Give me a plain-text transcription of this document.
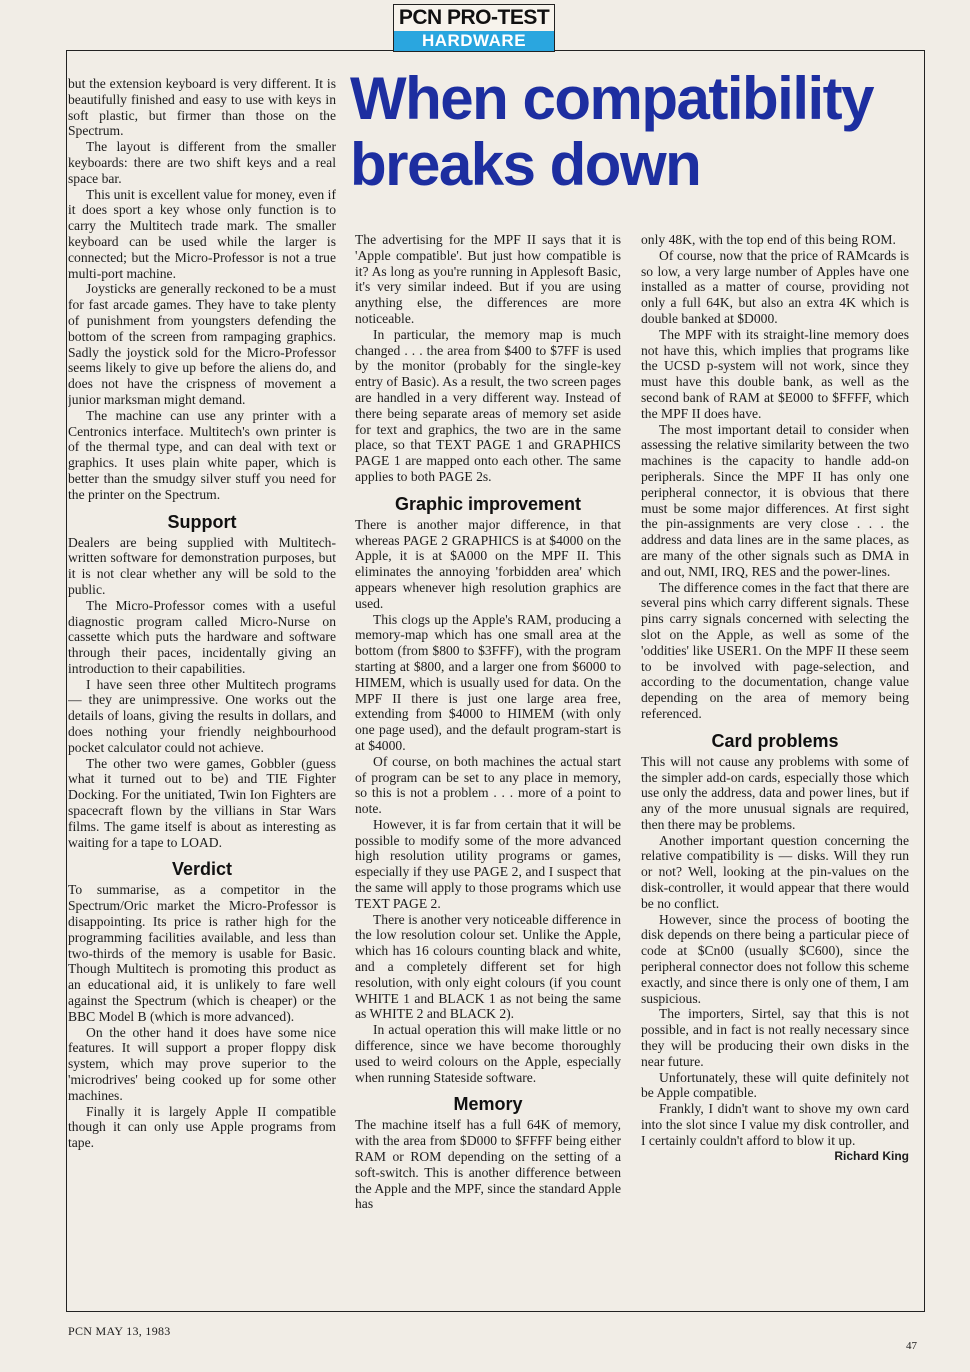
PCN PRO-TEST
HARDWARE
When compatibility breaks down

but the extension keyboard is very different. It is beautifully finished and easy to use with keys in soft plastic, but firmer than those on the Spectrum.

The layout is different from the smaller keyboards: there are two shift keys and a real space bar.

This unit is excellent value for money, even if it does sport a key whose only function is to carry the Multitech trade mark. The smaller keyboard can be used while the larger is connected; but the Micro-Professor is not a true multi-port machine.

Joysticks are generally reckoned to be a must for fast arcade games. They have to take plenty of punishment from youngsters defending the bottom of the screen from rampaging graphics. Sadly the joystick sold for the Micro-Professor seems likely to give up before the aliens do, and does not have the crispness of movement a junior marksman might demand.

The machine can use any printer with a Centronics interface. Multitech's own printer is of the thermal type, and can deal with text or graphics. It uses plain white paper, which is better than the smudgy silver stuff you need for the printer on the Spectrum.

Support

Dealers are being supplied with Multitech-written software for demonstration purposes, but it is not clear whether any will be sold to the public.

The Micro-Professor comes with a useful diagnostic program called Micro-Nurse on cassette which puts the hardware and software through their paces, incidentally giving an introduction to their capabilities.

I have seen three other Multitech programs — they are unimpressive. One works out the details of loans, giving the results in dollars, and does nothing your friendly neighbourhood pocket calculator could not achieve.

The other two were games, Gobbler (guess what it turned out to be) and TIE Fighter Docking. For the unitiated, Twin Ion Fighters are spacecraft flown by the villians in Star Wars films. The game itself is about as interesting as waiting for a tape to LOAD.

Verdict

To summarise, as a competitor in the Spectrum/Oric market the Micro-Professor is disappointing. Its price is rather high for the programming facilities available, and less than two-thirds of the memory is usable for Basic. Though Multitech is promoting this product as an educational aid, it is unlikely to fare well against the Spectrum (which is cheaper) or the BBC Model B (which is more advanced).

On the other hand it does have some nice features. It will support a proper floppy disk system, which may prove superior to the 'microdrives' being cooked up for some other machines.

Finally it is largely Apple II compatible though it can only use Apple programs from tape.

The advertising for the MPF II says that it is 'Apple compatible'. But just how compatible is it? As long as you're running in Applesoft Basic, it's very similar indeed. But if you are using anything else, the differences are more noticeable.

In particular, the memory map is much changed . . . the area from $400 to $7FF is used by the monitor (probably for the single-key entry of Basic). As a result, the two screen pages are handled in a very different way. Instead of there being separate areas of memory set aside for text and graphics, the two are in the same place, so that TEXT PAGE 1 and GRAPHICS PAGE 1 are mapped onto each other. The same applies to both PAGE 2s.

Graphic improvement

There is another major difference, in that whereas PAGE 2 GRAPHICS is at $4000 on the Apple, it is at $A000 on the MPF II. This eliminates the annoying 'forbidden area' which appears whenever high resolution graphics are used.

This clogs up the Apple's RAM, producing a memory-map which has one small area at the bottom (from $800 to $3FFF), with the program starting at $800, and a larger one from $6000 to HIMEM, which is usually used for data. On the MPF II there is just one large area free, extending from $4000 to HIMEM (with only one page used), and the default program-start is at $4000.

Of course, on both machines the actual start of program can be set to any place in memory, so this is not a problem . . . more of a point to note.

However, it is far from certain that it will be possible to modify some of the more advanced high resolution utility programs or games, especially if they use PAGE 2, and I suspect that the same will apply to those programs which use TEXT PAGE 2.

There is another very noticeable difference in the low resolution colour set. Unlike the Apple, which has 16 colours counting black and white, and a completely different set for high resolution, with only eight colours (if you count WHITE 1 and BLACK 1 as not being the same as WHITE 2 and BLACK 2).

In actual operation this will make little or no difference, since we have become thoroughly used to weird colours on the Apple, especially when running Stateside software.

Memory

The machine itself has a full 64K of memory, with the area from $D000 to $FFFF being either RAM or ROM depending on the setting of a soft-switch. This is another difference between the Apple and the MPF, since the standard Apple has

only 48K, with the top end of this being ROM.

Of course, now that the price of RAMcards is so low, a very large number of Apples have one installed as a matter of course, providing not only a full 64K, but also an extra 4K which is double banked at $D000.

The MPF with its straight-line memory does not have this, which implies that programs like the UCSD p-system will not work, since they must have this double bank, as well as the second bank of RAM at $E000 to $FFFF, which the MPF II does have.

The most important detail to consider when assessing the relative similarity between the two machines is the capacity to handle add-on peripherals. Since the MPF II has only one peripheral connector, it is obvious that there must be some major differences. At first sight the pin-assignments are very close . . . the address and data lines are in the same places, as are many of the other signals such as DMA in and out, NMI, IRQ, RES and the power-lines.

The difference comes in the fact that there are several pins which carry different signals. These pins carry signals concerned with selecting the slot on the Apple, as well as some of the 'oddities' like USER1. On the MPF II these seem to be involved with page-selection, and according to the documentation, change value depending on the area of memory being referenced.

Card problems

This will not cause any problems with some of the simpler add-on cards, especially those which use only the address, data and power lines, but if any of the more unusual signals are required, then there may be problems.

Another important question concerning the relative compatibility is — disks. Will they run or not? Well, looking at the pin-values on the disk-controller, it would appear that there would be no conflict.

However, since the process of booting the disk depends on there being a particular piece of code at $Cn00 (usually $C600), since the peripheral connector does not follow this scheme exactly, and since there is only one of them, I am suspicious.

The importers, Sirtel, say that this is not possible, and in fact is not really necessary since they will be producing their own disks in the near future.

Unfortunately, these will quite definitely not be Apple compatible.

Frankly, I didn't want to shove my own card into the slot since I value my disk controller, and I certainly couldn't afford to blow it up.

Richard King
PCN MAY 13, 1983
47
